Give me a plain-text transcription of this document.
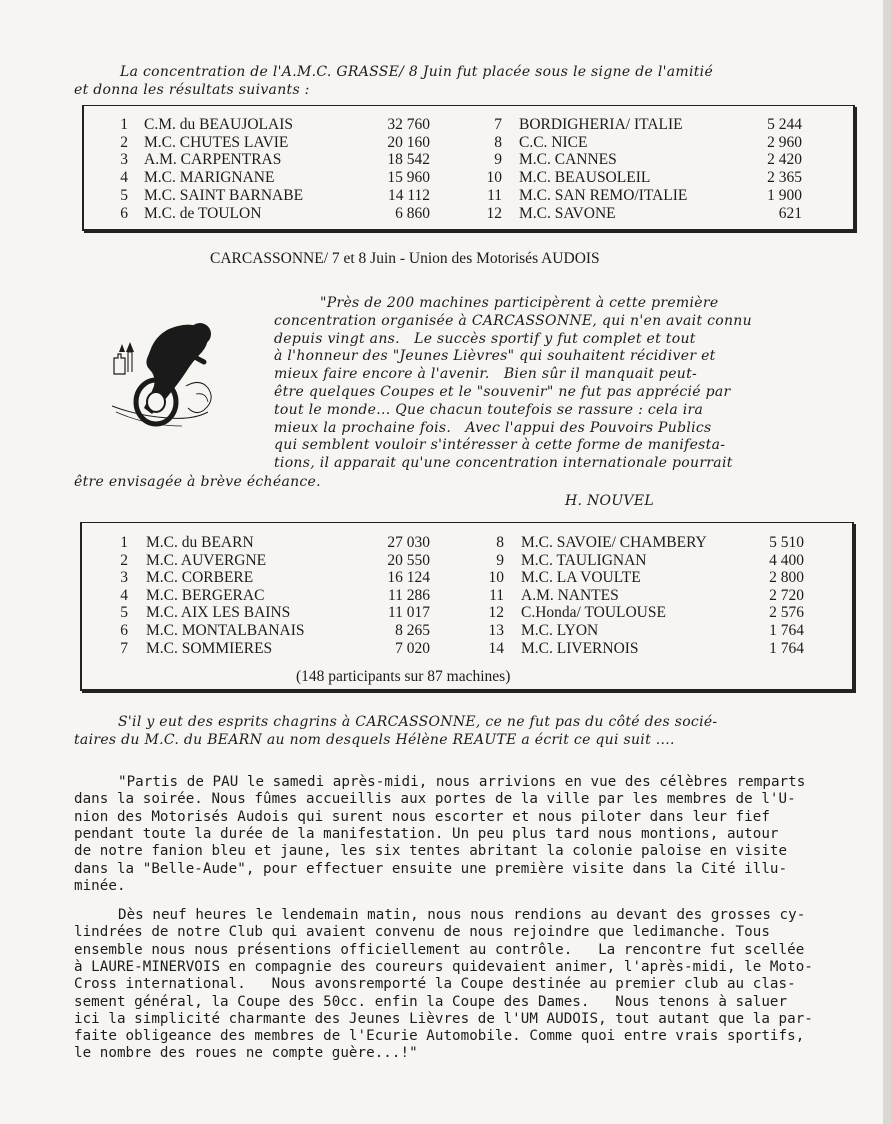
La concentration de l'A.M.C. GRASSE/ 8 Juin fut placée sous le signe de l'amitié
et donna les résultats suivants :
1 C.M. du BEAUJOLAIS	32 760
2 M.C. CHUTES LAVIE	20 160
3 A.M. CARPENTRAS	18 542
4 M.C. MARIGNANE	15 960
5 M.C. SAINT BARNABE	14 112
6 M.C. de TOULON	6 860
7 BORDIGHERIA/ ITALIE	5 244
8 C.C. NICE	2 960
9 M.C. CANNES	2 420
10 M.C. BEAUSOLEIL	2 365
11 M.C. SAN REMO/ITALIE	1 900
12 M.C. SAVONE	621
CARCASSONNE/ 7 et 8 Juin - Union des Motorisés AUDOIS
"Près de 200 machines participèrent à cette première
concentration organisée à CARCASSONNE, qui n'en avait connu
depuis vingt ans.   Le succès sportif y fut complet et tout
à l'honneur des "Jeunes Lièvres" qui souhaitent récidiver et
mieux faire encore à l'avenir.   Bien sûr il manquait peut-
être quelques Coupes et le "souvenir" ne fut pas apprécié par
tout le monde... Que chacun toutefois se rassure : cela ira
mieux la prochaine fois.   Avec l'appui des Pouvoirs Publics
qui semblent vouloir s'intéresser à cette forme de manifesta-
tions, il apparait qu'une concentration internationale pourrait
être envisagée à brève échéance.
H. NOUVEL
1 M.C. du BEARN	27 030
2 M.C. AUVERGNE	20 550
3 M.C. CORBERE	16 124
4 M.C. BERGERAC	11 286
5 M.C. AIX LES BAINS	11 017
6 M.C. MONTALBANAIS	8 265
7 M.C. SOMMIERES	7 020
8 M.C. SAVOIE/ CHAMBERY	5 510
9 M.C. TAULIGNAN	4 400
10 M.C. LA VOULTE	2 800
11 A.M. NANTES	2 720
12 C.Honda/ TOULOUSE	2 576
13 M.C. LYON	1 764
14 M.C. LIVERNOIS	1 764
(148 participants sur 87 machines)
S'il y eut des esprits chagrins à CARCASSONNE, ce ne fut pas du côté des socié-
taires du M.C. du BEARN au nom desquels Hélène REAUTE a écrit ce qui suit ....
"Partis de PAU le samedi après-midi, nous arrivions en vue des célèbres remparts
dans la soirée. Nous fûmes accueillis aux portes de la ville par les membres de l'U-
nion des Motorisés Audois qui surent nous escorter et nous piloter dans leur fief
pendant toute la durée de la manifestation. Un peu plus tard nous montions, autour
de notre fanion bleu et jaune, les six tentes abritant la colonie paloise en visite
dans la "Belle-Aude", pour effectuer ensuite une première visite dans la Cité illu-
minée.
Dès neuf heures le lendemain matin, nous nous rendions au devant des grosses cy-
lindrées de notre Club qui avaient convenu de nous rejoindre que ledimanche. Tous
ensemble nous nous présentions officiellement au contrôle.   La rencontre fut scellée
à LAURE-MINERVOIS en compagnie des coureurs quidevaient animer, l'après-midi, le Moto-
Cross international.   Nous avonsremporté la Coupe destinée au premier club au clas-
sement général, la Coupe des 50cc. enfin la Coupe des Dames.   Nous tenons à saluer
ici la simplicité charmante des Jeunes Lièvres de l'UM AUDOIS, tout autant que la par-
faite obligeance des membres de l'Ecurie Automobile. Comme quoi entre vrais sportifs,
le nombre des roues ne compte guère...!"
